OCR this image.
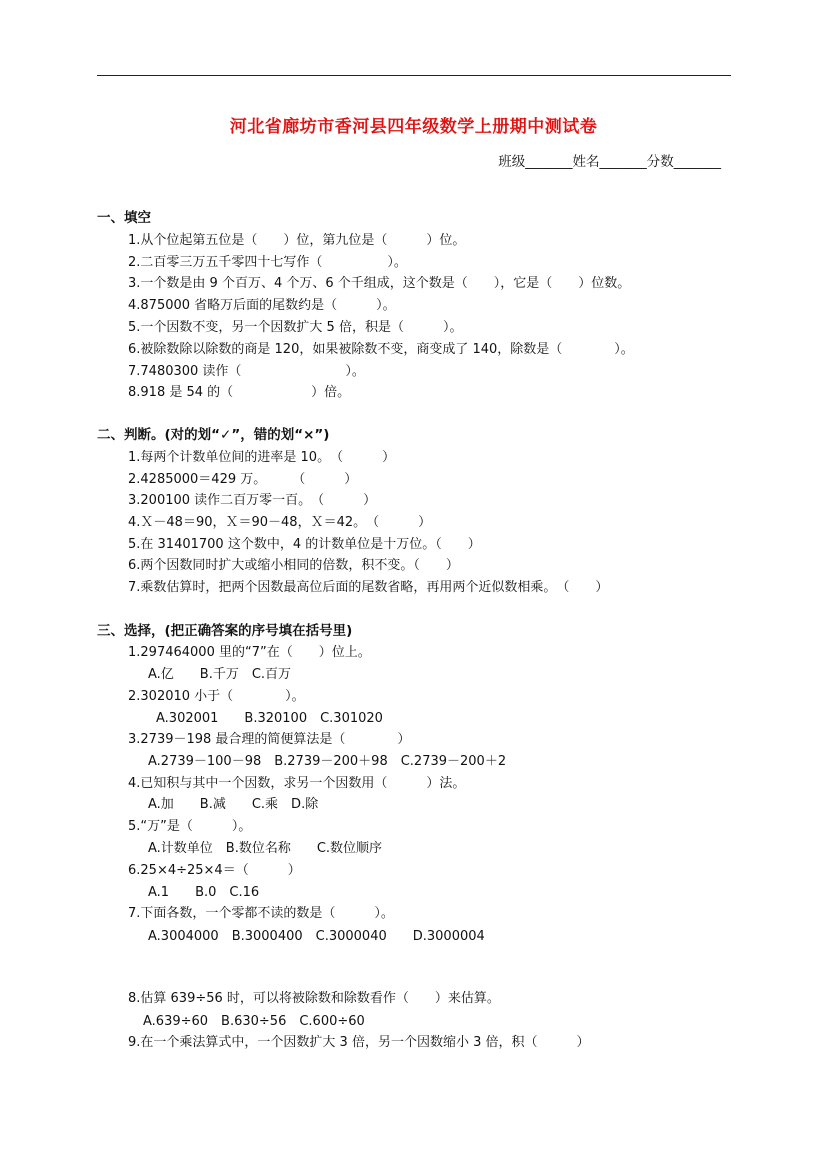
河北省廊坊市香河县四年级数学上册期中测试卷
班级_______姓名_______分数_______
一、填空
1.从个位起第五位是（　　）位，第九位是（　　　）位。
2.二百零三万五千零四十七写作（　　　　　）。
3.一个数是由 9 个百万、4 个万、6 个千组成，这个数是（　　），它是（　　）位数。
4.875000 省略万后面的尾数约是（　　　）。
5.一个因数不变，另一个因数扩大 5 倍，积是（　　　）。
6.被除数除以除数的商是 120，如果被除数不变，商变成了 140，除数是（　　　　）。
7.7480300 读作（　　　　　　　　）。
8.918 是 54 的（　　　　　　）倍。
二、判断。(对的划“✓”，错的划“×”)
1.每两个计数单位间的进率是 10。　（　　　）
2.4285000＝429 万。　　　（　　　）
3.200100 读作二百万零一百。　（　　　）
4.Ｘ－48＝90，Ｘ＝90－48，Ｘ＝42。　（　　　）
5.在 31401700 这个数中，4 的计数单位是十万位。（　　）
6.两个因数同时扩大或缩小相同的倍数，积不变。（　　）
7.乘数估算时，把两个因数最高位后面的尾数省略，再用两个近似数相乘。　（　　）
三、选择，(把正确答案的序号填在括号里)
1.297464000 里的“7”在（　　）位上。
A.亿　　B.千万　C.百万
2.302010 小于（　　　　）。
A.302001　　B.320100　C.301020
3.2739－198 最合理的简便算法是（　　　　）
A.2739－100－98　B.2739－200＋98　C.2739－200＋2
4.已知积与其中一个因数，求另一个因数用（　　　）法。
A.加　　B.减　　C.乘　D.除
5.“万”是（　　　）。
A.计数单位　B.数位名称　　C.数位顺序
6.25×4÷25×4＝（　　　）
A.1　　B.0　C.16
7.下面各数，一个零都不读的数是（　　　）。
A.3004000　B.3000400　C.3000040　　D.3000004
8.估算 639÷56 时，可以将被除数和除数看作（　　）来估算。
A.639÷60　B.630÷56　C.600÷60
9.在一个乘法算式中，一个因数扩大 3 倍，另一个因数缩小 3 倍，积（　　　）
